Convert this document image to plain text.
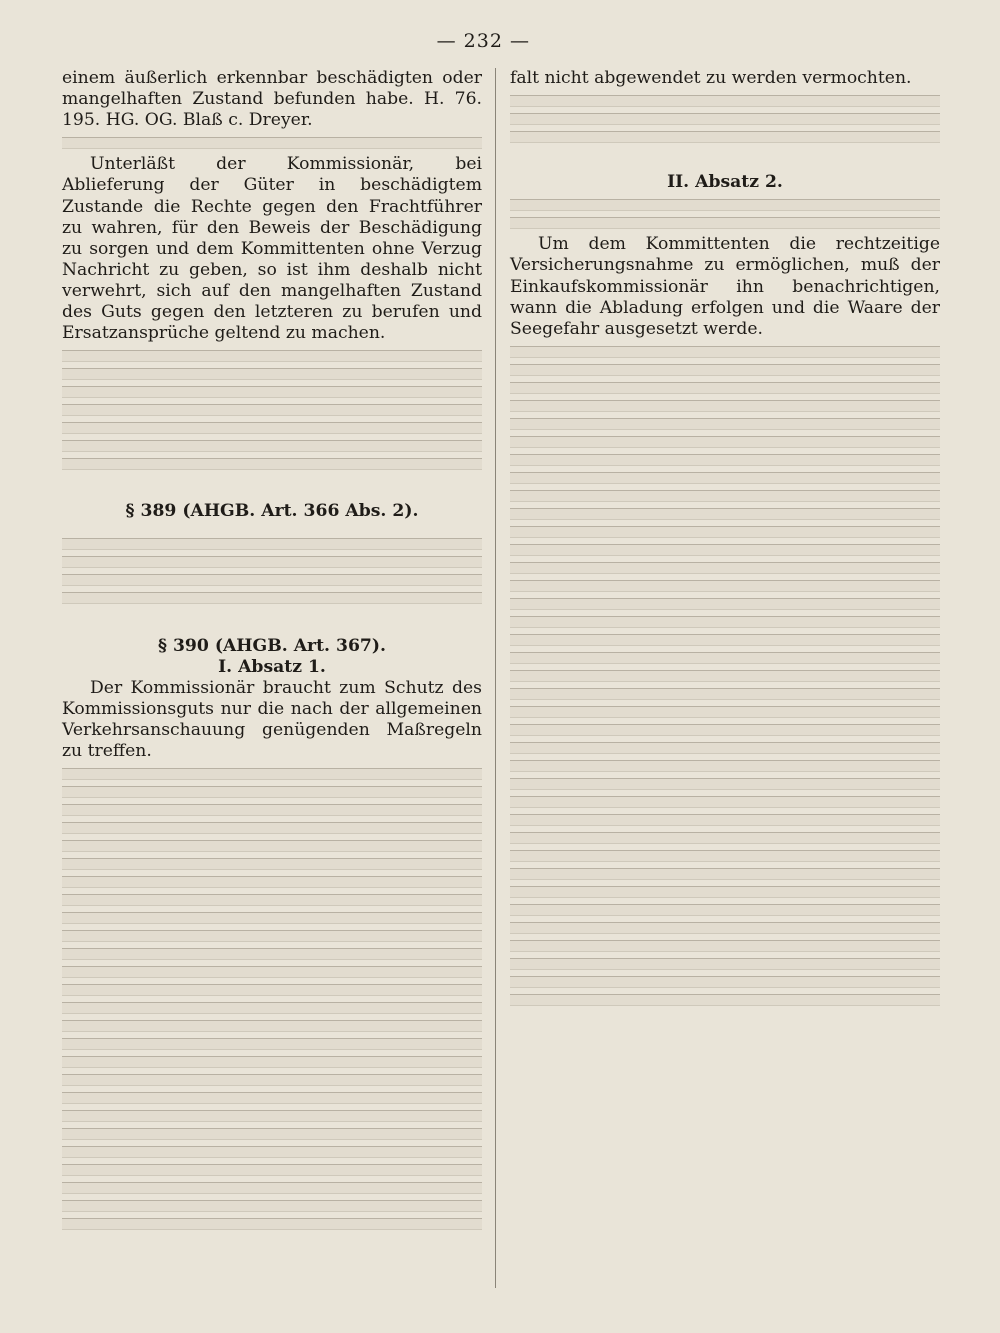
— 232 —

einem äußerlich erkennbar beschädigten oder mangelhaften Zustand befunden habe. H. 76. 195. HG. OG. Blaß c. Dreyer.

Unterläßt der Kommissionär, bei Ablieferung der Güter in beschädigtem Zustande die Rechte gegen den Frachtführer zu wahren, für den Beweis der Beschädigung zu sorgen und dem Kommittenten ohne Verzug Nachricht zu geben, so ist ihm deshalb nicht verwehrt, sich auf den mangelhaften Zustand des Guts gegen den letzteren zu berufen und Ersatzansprüche geltend zu machen.

§ 389 (AHGB. Art. 366 Abs. 2).

§ 390 (AHGB. Art. 367).

I. Absatz 1.

Der Kommissionär braucht zum Schutz des Kommissionsguts nur die nach der allgemeinen Verkehrsanschauung genügenden Maßregeln zu treffen.

falt nicht abgewendet zu werden vermochten.

II. Absatz 2.

Um dem Kommittenten die rechtzeitige Versicherungsnahme zu ermöglichen, muß der Einkaufskommissionär ihn benachrichtigen, wann die Abladung erfolgen und die Waare der Seegefahr ausgesetzt werde.
